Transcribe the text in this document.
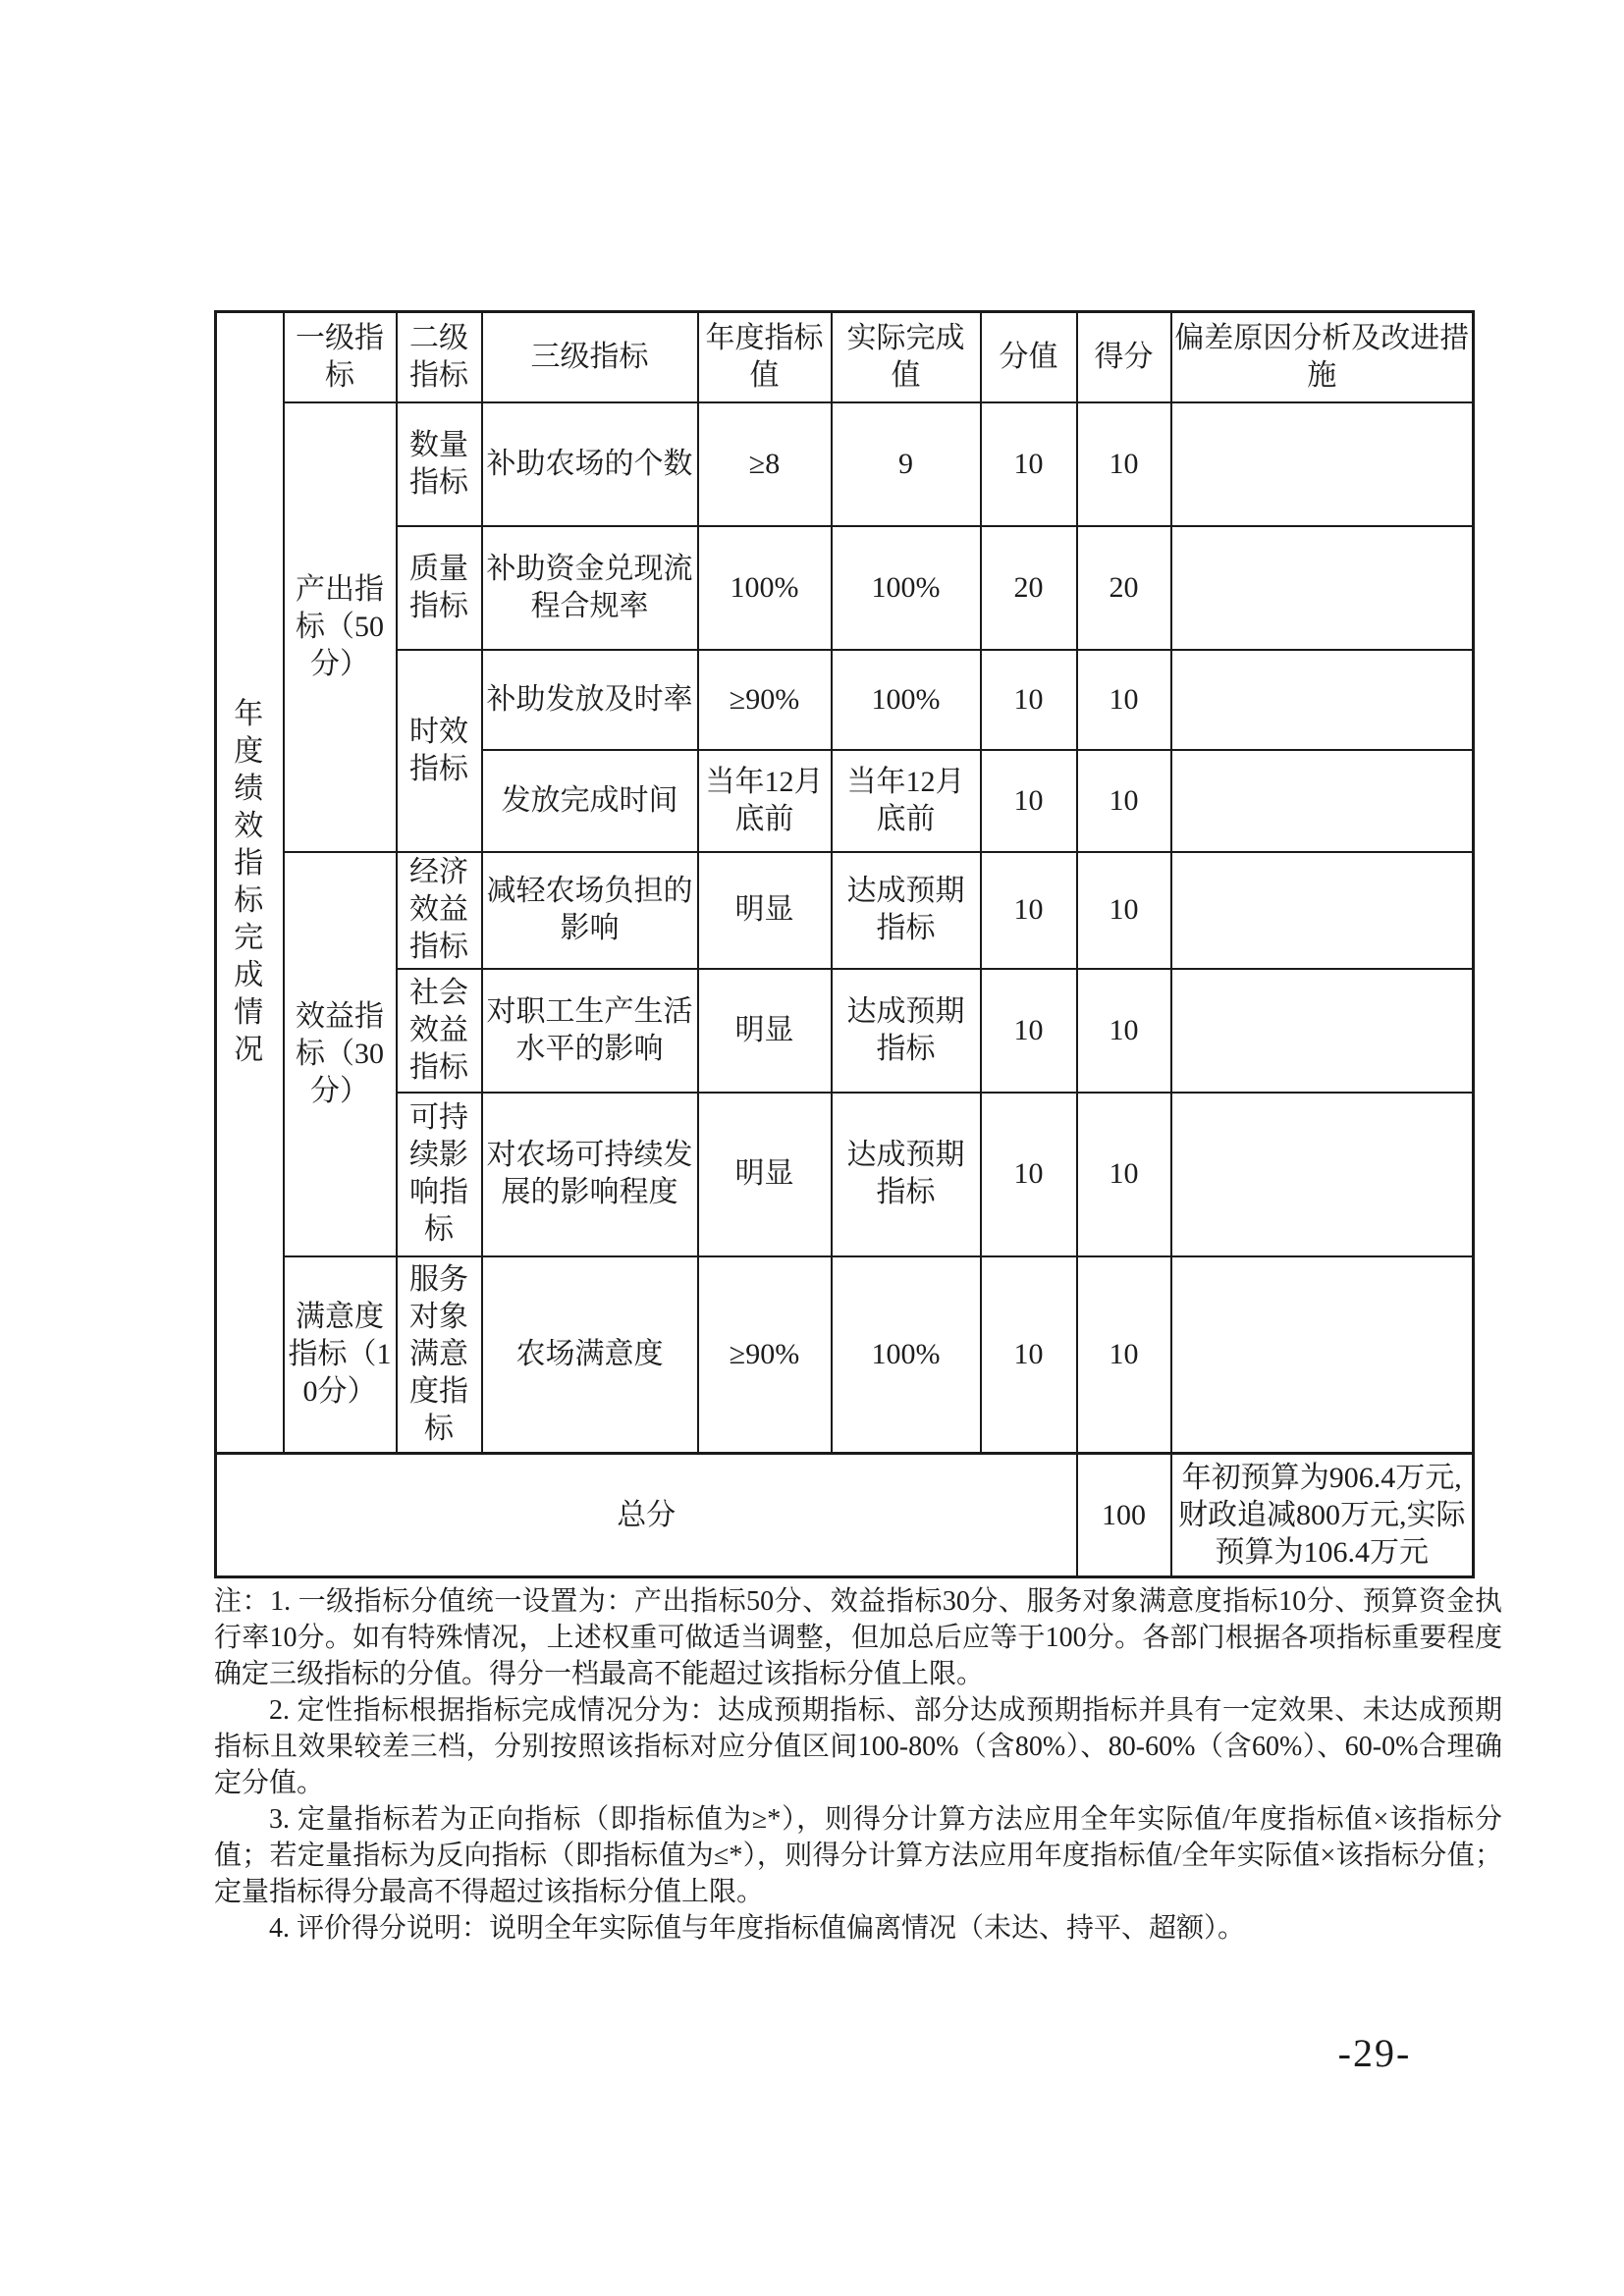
年度绩效指标完成情况	一级指标	二级指标	三级指标	年度指标值	实际完成值	分值	得分	偏差原因分析及改进措施
	产出指标（50分）	数量指标	补助农场的个数	≥8	9	10	10	
		质量指标	补助资金兑现流程合规率	100%	100%	20	20	
		时效指标	补助发放及时率	≥90%	100%	10	10	
			发放完成时间	当年12月底前	当年12月底前	10	10	
	效益指标（30分）	经济效益指标	减轻农场负担的影响	明显	达成预期指标	10	10	
		社会效益指标	对职工生产生活水平的影响	明显	达成预期指标	10	10	
		可持续影响指标	对农场可持续发展的影响程度	明显	达成预期指标	10	10	
	满意度指标（10分）	服务对象满意度指标	农场满意度	≥90%	100%	10	10	
总分							100	年初预算为906.4万元,财政追减800万元,实际预算为106.4万元

注：1. 一级指标分值统一设置为：产出指标50分、效益指标30分、服务对象满意度指标10分、预算资金执行率10分。如有特殊情况，上述权重可做适当调整，但加总后应等于100分。各部门根据各项指标重要程度确定三级指标的分值。得分一档最高不能超过该指标分值上限。

2. 定性指标根据指标完成情况分为：达成预期指标、部分达成预期指标并具有一定效果、未达成预期指标且效果较差三档，分别按照该指标对应分值区间100-80%（含80%）、80-60%（含60%）、60-0%合理确定分值。

3. 定量指标若为正向指标（即指标值为≥*），则得分计算方法应用全年实际值/年度指标值×该指标分值；若定量指标为反向指标（即指标值为≤*），则得分计算方法应用年度指标值/全年实际值×该指标分值；定量指标得分最高不得超过该指标分值上限。

4. 评价得分说明：说明全年实际值与年度指标值偏离情况（未达、持平、超额）。

-29-
